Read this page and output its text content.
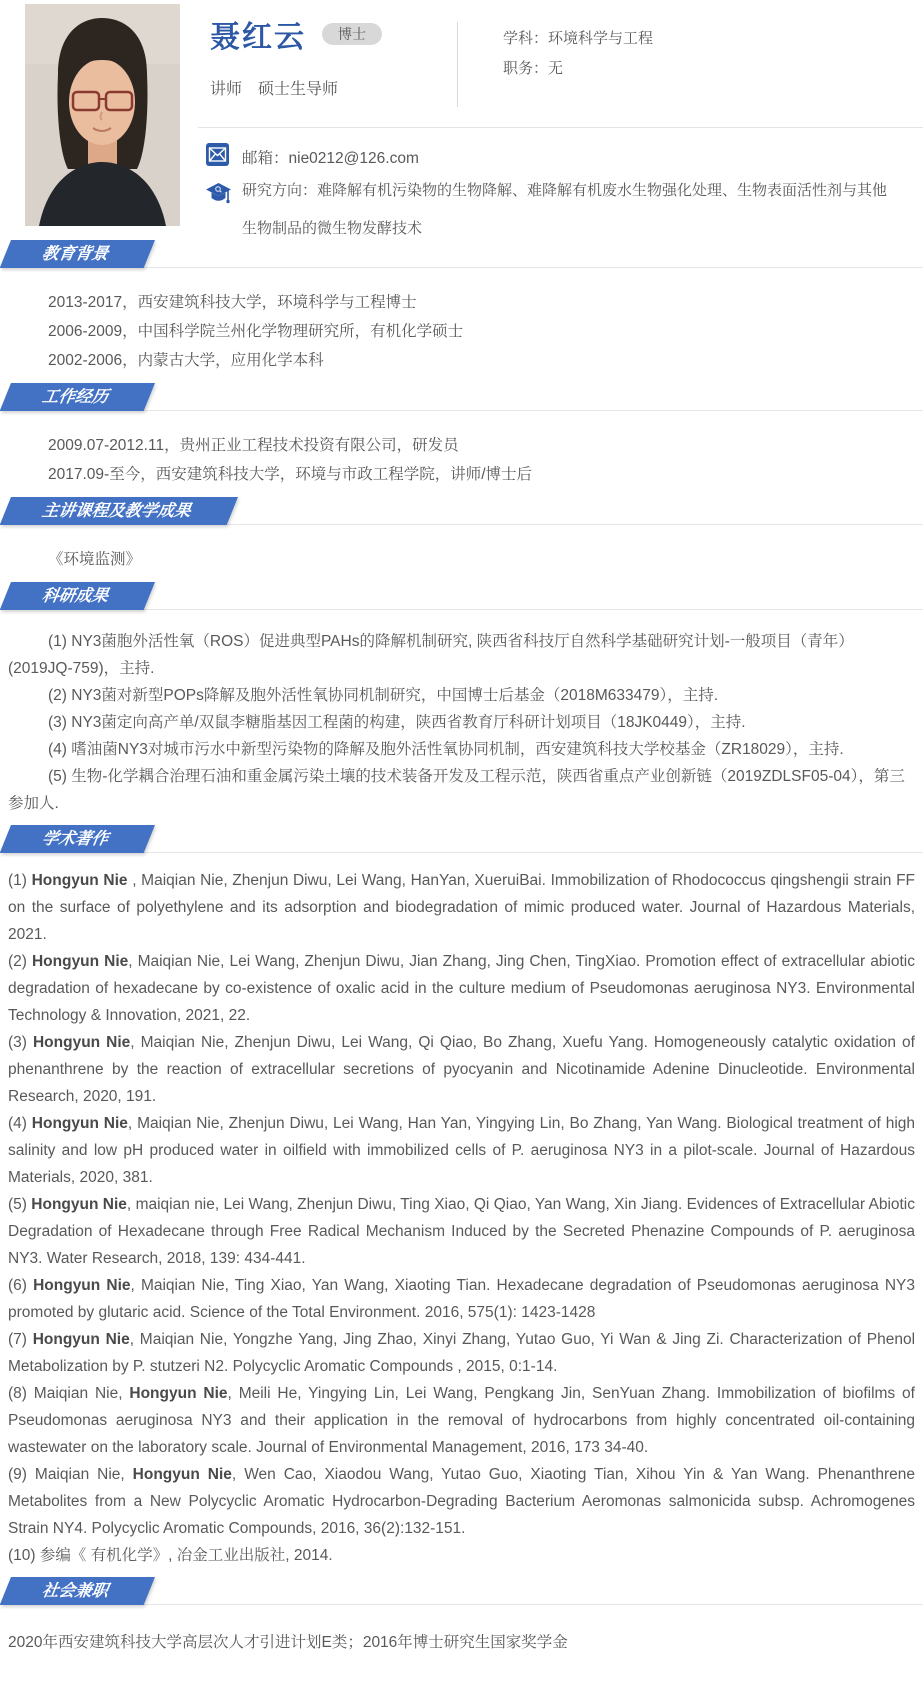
聂红云	博士
讲师　硕士生导师
学科：环境科学与工程
职务：无
邮箱：nie0212@126.com
研究方向：难降解有机污染物的生物降解、难降解有机废水生物强化处理、生物表面活性剂与其他生物制品的微生物发酵技术
教育背景

2013-2017，西安建筑科技大学，环境科学与工程博士

2006-2009，中国科学院兰州化学物理研究所，有机化学硕士

2002-2006，内蒙古大学，应用化学本科

工作经历

2009.07-2012.11，贵州正业工程技术投资有限公司，研发员

2017.09-至今，西安建筑科技大学，环境与市政工程学院，讲师/博士后

主讲课程及教学成果

《环境监测》

科研成果

(1) NY3菌胞外活性氧（ROS）促进典型PAHs的降解机制研究, 陕西省科技厅自然科学基础研究计划-一般项目（青年）(2019JQ-759)，主持.

(2) NY3菌对新型POPs降解及胞外活性氧协同机制研究，中国博士后基金（2018M633479），主持.

(3) NY3菌定向高产单/双鼠李糖脂基因工程菌的构建，陕西省教育厅科研计划项目（18JK0449），主持.

(4) 嗜油菌NY3对城市污水中新型污染物的降解及胞外活性氧协同机制，西安建筑科技大学校基金（ZR18029），主持.

(5) 生物-化学耦合治理石油和重金属污染土壤的技术装备开发及工程示范，陕西省重点产业创新链（2019ZDLSF05-04），第三参加人.

学术著作

(1) Hongyun Nie , Maiqian Nie, Zhenjun Diwu, Lei Wang, HanYan, XueruiBai. Immobilization of Rhodococcus qingshengii strain FF on the surface of polyethylene and its adsorption and biodegradation of mimic produced water. Journal of Hazardous Materials, 2021.

(2) Hongyun Nie, Maiqian Nie, Lei Wang, Zhenjun Diwu, Jian Zhang, Jing Chen, TingXiao. Promotion effect of extracellular abiotic degradation of hexadecane by co-existence of oxalic acid in the culture medium of Pseudomonas aeruginosa NY3. Environmental Technology & Innovation, 2021, 22.

(3) Hongyun Nie, Maiqian Nie, Zhenjun Diwu, Lei Wang, Qi Qiao, Bo Zhang, Xuefu Yang. Homogeneously catalytic oxidation of phenanthrene by the reaction of extracellular secretions of pyocyanin and Nicotinamide Adenine Dinucleotide. Environmental Research, 2020, 191.

(4) Hongyun Nie, Maiqian Nie, Zhenjun Diwu, Lei Wang, Han Yan, Yingying Lin, Bo Zhang, Yan Wang. Biological treatment of high salinity and low pH produced water in oilfield with immobilized cells of P. aeruginosa NY3 in a pilot-scale. Journal of Hazardous Materials, 2020, 381.

(5) Hongyun Nie, maiqian nie, Lei Wang, Zhenjun Diwu, Ting Xiao, Qi Qiao, Yan Wang, Xin Jiang. Evidences of Extracellular Abiotic Degradation of Hexadecane through Free Radical Mechanism Induced by the Secreted Phenazine Compounds of P. aeruginosa NY3. Water Research, 2018, 139: 434-441.

(6) Hongyun Nie, Maiqian Nie, Ting Xiao, Yan Wang, Xiaoting Tian. Hexadecane degradation of Pseudomonas aeruginosa NY3 promoted by glutaric acid. Science of the Total Environment. 2016, 575(1): 1423-1428

(7) Hongyun Nie, Maiqian Nie, Yongzhe Yang, Jing Zhao, Xinyi Zhang, Yutao Guo, Yi Wan & Jing Zi. Characterization of Phenol Metabolization by P. stutzeri N2. Polycyclic Aromatic Compounds , 2015, 0:1-14.

(8) Maiqian Nie, Hongyun Nie, Meili He, Yingying Lin, Lei Wang, Pengkang Jin, SenYuan Zhang. Immobilization of biofilms of Pseudomonas aeruginosa NY3 and their application in the removal of hydrocarbons from highly concentrated oil-containing wastewater on the laboratory scale. Journal of Environmental Management, 2016, 173 34-40.

(9) Maiqian Nie, Hongyun Nie, Wen Cao, Xiaodou Wang, Yutao Guo, Xiaoting Tian, Xihou Yin & Yan Wang. Phenanthrene Metabolites from a New Polycyclic Aromatic Hydrocarbon-Degrading Bacterium Aeromonas salmonicida subsp. Achromogenes Strain NY4. Polycyclic Aromatic Compounds, 2016, 36(2):132-151.

(10) 参编《 有机化学》, 冶金工业出版社, 2014.

社会兼职

2020年西安建筑科技大学高层次人才引进计划E类；2016年博士研究生国家奖学金
